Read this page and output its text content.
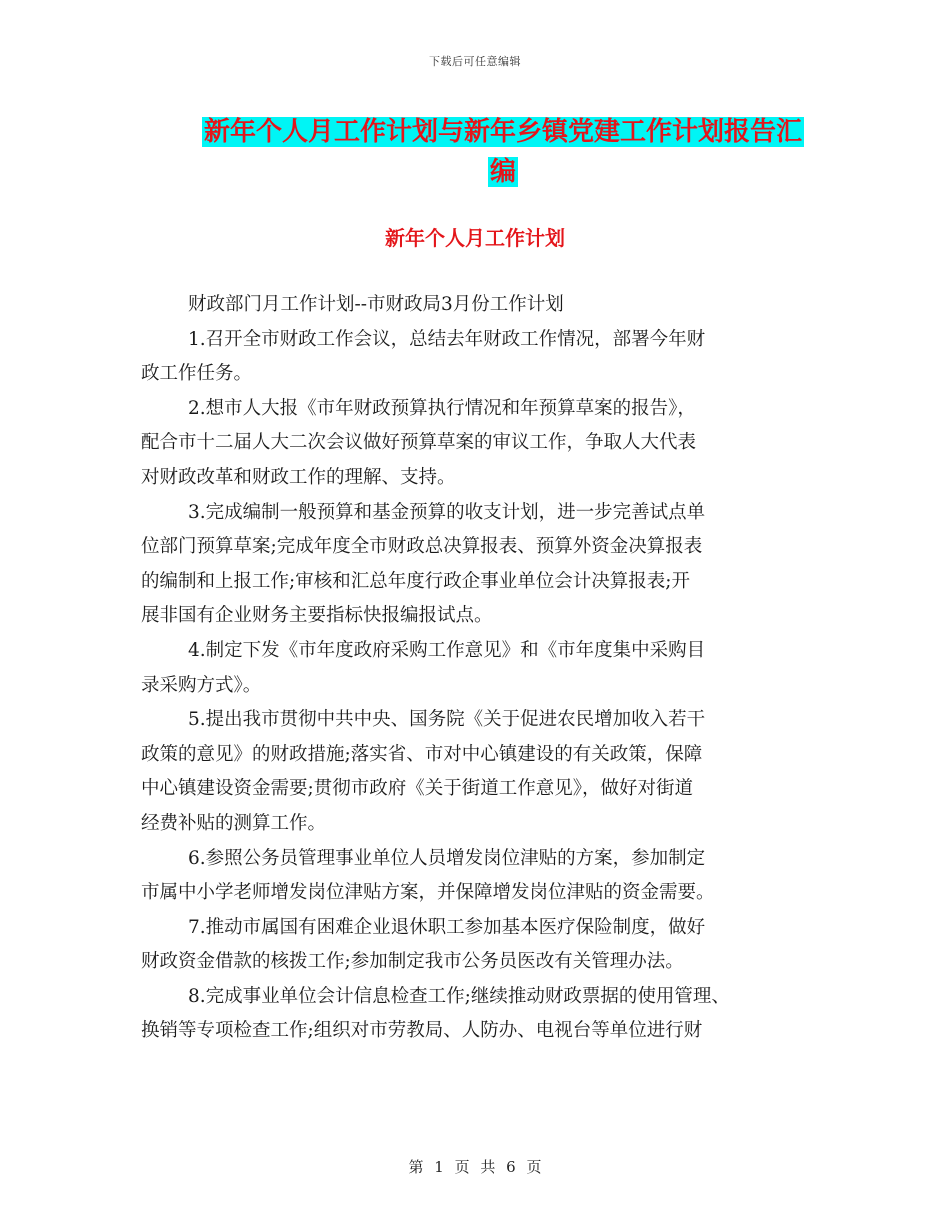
下载后可任意编辑
新年个人月工作计划与新年乡镇党建工作计划报告汇
编
新年个人月工作计划

财政部门月工作计划--市财政局3月份工作计划

1.召开全市财政工作会议，总结去年财政工作情况，部署今年财
政工作任务。

2.想市人大报《市年财政预算执行情况和年预算草案的报告》，
配合市十二届人大二次会议做好预算草案的审议工作，争取人大代表
对财政改革和财政工作的理解、支持。

3.完成编制一般预算和基金预算的收支计划，进一步完善试点单
位部门预算草案;完成年度全市财政总决算报表、预算外资金决算报表
的编制和上报工作;审核和汇总年度行政企事业单位会计决算报表;开
展非国有企业财务主要指标快报编报试点。

4.制定下发《市年度政府采购工作意见》和《市年度集中采购目
录采购方式》。

5.提出我市贯彻中共中央、国务院《关于促进农民增加收入若干
政策的意见》的财政措施;落实省、市对中心镇建设的有关政策，保障
中心镇建设资金需要;贯彻市政府《关于街道工作意见》，做好对街道
经费补贴的测算工作。

6.参照公务员管理事业单位人员增发岗位津贴的方案，参加制定
市属中小学老师增发岗位津贴方案，并保障增发岗位津贴的资金需要。

7.推动市属国有困难企业退休职工参加基本医疗保险制度，做好
财政资金借款的核拨工作;参加制定我市公务员医改有关管理办法。

8.完成事业单位会计信息检查工作;继续推动财政票据的使用管理、
换销等专项检查工作;组织对市劳教局、人防办、电视台等单位进行财

第 1 页 共 6 页
